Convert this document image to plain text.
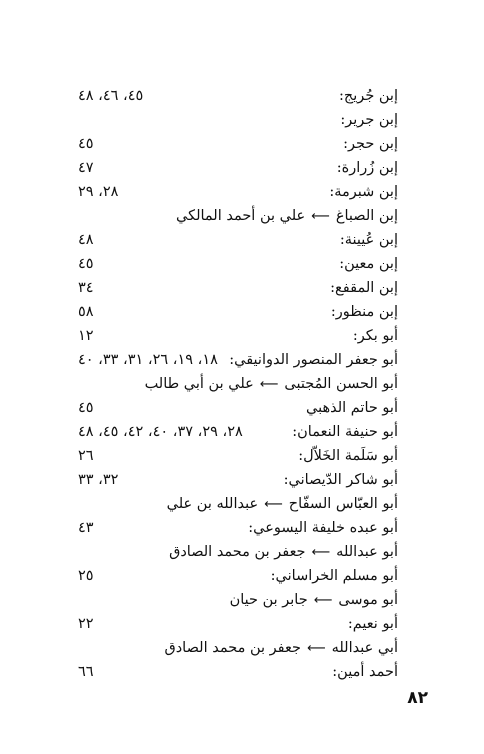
إبن جُريج:
٤٥، ٤٦، ٤٨
إبن جرير:
إبن حجر:
٤٥
إبن زُرارة:
٤٧
إبن شبرمة:
٢٨، ٢٩
إبن الصباغ⟵علي بن أحمد المالكي
إبن عُيينة:
٤٨
إبن معين:
٤٥
إبن المقفع:
٣٤
إبن منظور:
٥٨
أبو بكر:
١٢
أبو جعفر المنصور الدوانيقي:
١٨، ١٩، ٢٦، ٣١، ٣٣، ٤٠
أبو الحسن المُجتبى⟵علي بن أبي طالب
أبو حاتم الذهبي
٤٥
أبو حنيفة النعمان:
٢٨، ٢٩، ٣٧، ٤٠، ٤٢، ٤٥، ٤٨
أبو سَلَمة الخَلاّل:
٢٦
أبو شاكر الدّيصاني:
٣٢، ٣٣
أبو العبّاس السفّاح⟵عبدالله بن علي
أبو عبده خليفة اليسوعي:
٤٣
أبو عبدالله⟵جعفر بن محمد الصادق
أبو مسلم الخراساني:
٢٥
أبو موسى⟵جابر بن حيان
أبو نعيم:
٢٢
أبي عبدالله⟵جعفر بن محمد الصادق
أحمد أمين:
٦٦
٨٢
